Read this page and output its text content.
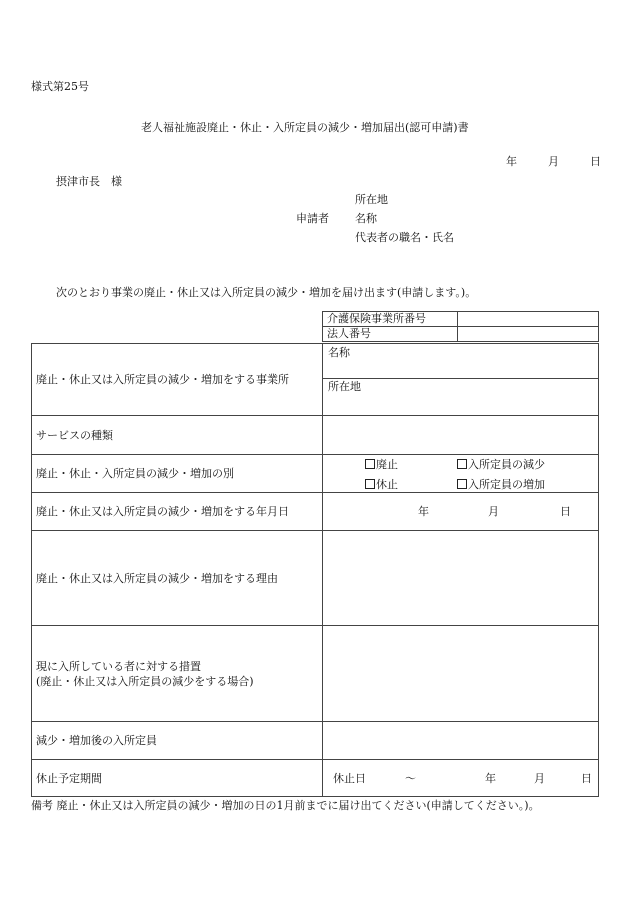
様式第25号
老人福祉施設廃止・休止・入所定員の減少・増加届出(認可申請)書
年	月	日
摂津市長　様
所在地
申請者 名称
代表者の職名・氏名
次のとおり事業の廃止・休止又は入所定員の減少・増加を届け出ます(申請します。)。
介護保険事業所番号	
法人番号	
廃止・休止又は入所定員の減少・増加をする事業所	名称
所在地

サービスの種類	
廃止・休止・入所定員の減少・増加の別	廃止 入所定員の減少
休止 入所定員の増加

廃止・休止又は入所定員の減少・増加をする年月日	年 月 日

廃止・休止又は入所定員の減少・増加をする理由	

現に入所している者に対する措置
(廃止・休止又は入所定員の減少をする場合)	

減少・増加後の入所定員	
休止予定期間	休止日 ～ 年 月 日
備考 廃止・休止又は入所定員の減少・増加の日の1月前までに届け出てください(申請してください。)。
